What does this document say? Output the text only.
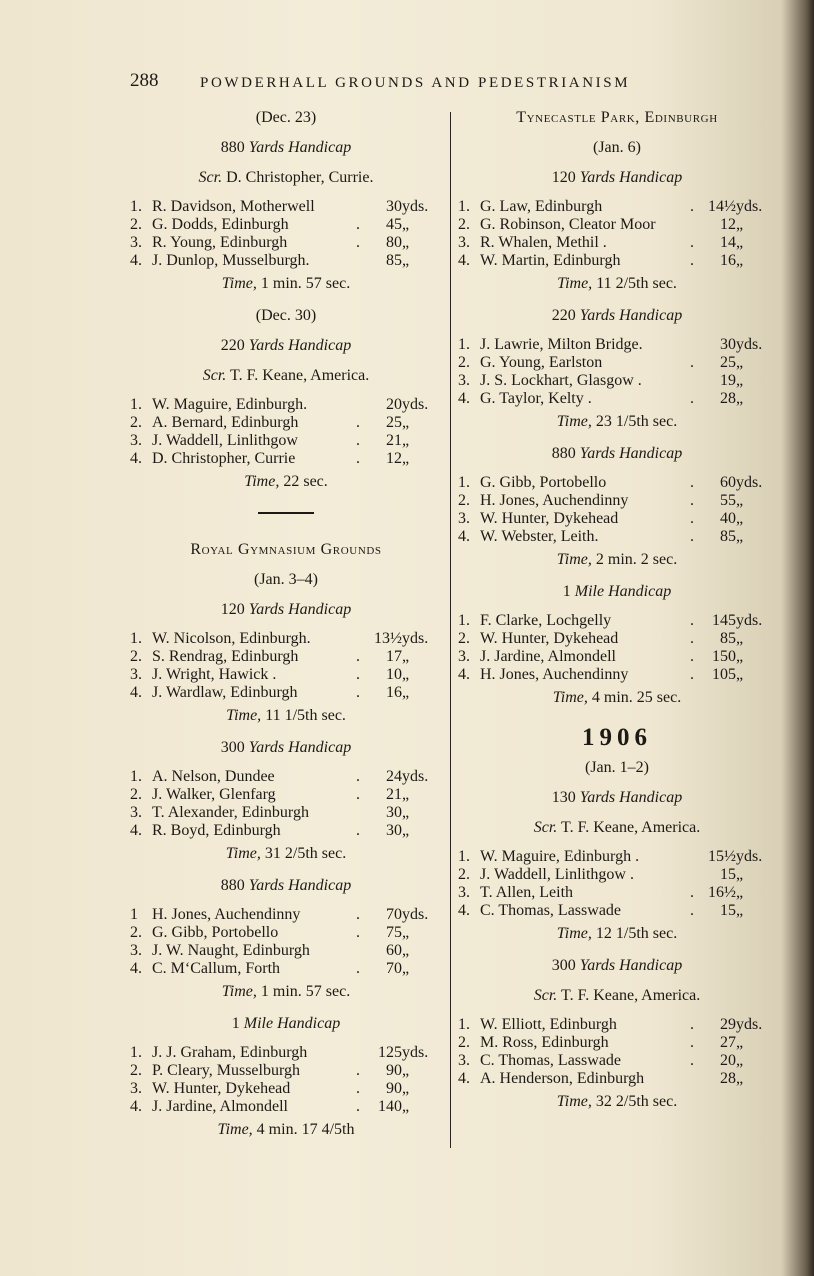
288	POWDERHALL GROUNDS AND PEDESTRIANISM
(Dec. 23)
880 Yards Handicap
Scr. D. Christopher, Currie.
1.	R. Davidson, Motherwell		30	yds.
2.	G. Dodds, Edinburgh	.	45	„
3.	R. Young, Edinburgh	.	80	„
4.	J. Dunlop, Musselburgh.		85	„
Time, 1 min. 57 sec.
(Dec. 30)
220 Yards Handicap
Scr. T. F. Keane, America.
1.	W. Maguire, Edinburgh.		20	yds.
2.	A. Bernard, Edinburgh	.	25	„
3.	J. Waddell, Linlithgow	.	21	„
4.	D. Christopher, Currie	.	12	„
Time, 22 sec.
Royal Gymnasium Grounds
(Jan. 3–4)
120 Yards Handicap
1.	W. Nicolson, Edinburgh.		13½	yds.
2.	S. Rendrag, Edinburgh	.	17	„
3.	J. Wright, Hawick .	.	10	„
4.	J. Wardlaw, Edinburgh	.	16	„
Time, 11 1/5th sec.
300 Yards Handicap
1.	A. Nelson, Dundee	.	24	yds.
2.	J. Walker, Glenfarg	.	21	„
3.	T. Alexander, Edinburgh		30	„
4.	R. Boyd, Edinburgh	.	30	„
Time, 31 2/5th sec.
880 Yards Handicap
1	H. Jones, Auchendinny	.	70	yds.
2.	G. Gibb, Portobello	.	75	„
3.	J. W. Naught, Edinburgh		60	„
4.	C. M‘Callum, Forth	.	70	„
Time, 1 min. 57 sec.
1 Mile Handicap
1.	J. J. Graham, Edinburgh		125	yds.
2.	P. Cleary, Musselburgh	.	90	„
3.	W. Hunter, Dykehead	.	90	„
4.	J. Jardine, Almondell	.	140	„
Time, 4 min. 17 4/5th
Tynecastle Park, Edinburgh
(Jan. 6)
120 Yards Handicap
1.	G. Law, Edinburgh	.	14½	yds.
2.	G. Robinson, Cleator Moor		12	„
3.	R. Whalen, Methil .	.	14	„
4.	W. Martin, Edinburgh	.	16	„
Time, 11 2/5th sec.
220 Yards Handicap
1.	J. Lawrie, Milton Bridge.		30	yds.
2.	G. Young, Earlston	.	25	„
3.	J. S. Lockhart, Glasgow .		19	„
4.	G. Taylor, Kelty .	.	28	„
Time, 23 1/5th sec.
880 Yards Handicap
1.	G. Gibb, Portobello	.	60	yds.
2.	H. Jones, Auchendinny	.	55	„
3.	W. Hunter, Dykehead	.	40	„
4.	W. Webster, Leith.	.	85	„
Time, 2 min. 2 sec.
1 Mile Handicap
1.	F. Clarke, Lochgelly	.	145	yds.
2.	W. Hunter, Dykehead	.	85	„
3.	J. Jardine, Almondell	.	150	„
4.	H. Jones, Auchendinny	.	105	„
Time, 4 min. 25 sec.
1906
(Jan. 1–2)
130 Yards Handicap
Scr. T. F. Keane, America.
1.	W. Maguire, Edinburgh .		15½	yds.
2.	J. Waddell, Linlithgow .		15	„
3.	T. Allen, Leith	.	16½	„
4.	C. Thomas, Lasswade	.	15	„
Time, 12 1/5th sec.
300 Yards Handicap
Scr. T. F. Keane, America.
1.	W. Elliott, Edinburgh	.	29	yds.
2.	M. Ross, Edinburgh	.	27	„
3.	C. Thomas, Lasswade	.	20	„
4.	A. Henderson, Edinburgh		28	„
Time, 32 2/5th sec.
